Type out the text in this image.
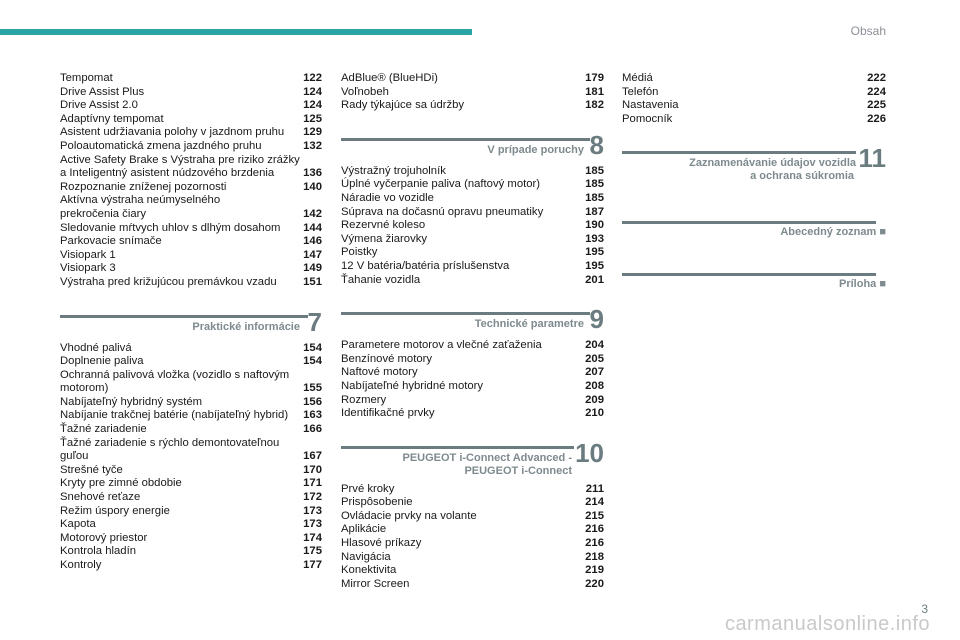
Obsah
Tempomat	122
Drive Assist Plus	124
Drive Assist 2.0	124
Adaptívny tempomat	125
Asistent udržiavania polohy v jazdnom pruhu	129
Poloautomatická zmena jazdného pruhu	132
Active Safety Brake s Výstraha pre riziko zrážky
a Inteligentný asistent núdzového brzdenia	136
Rozpoznanie zníženej pozornosti	140
Aktívna výstraha neúmyselného
prekročenia čiary	142
Sledovanie mŕtvych uhlov s dlhým dosahom	144
Parkovacie snímače	146
Visiopark 1	147
Visiopark 3	149
Výstraha pred križujúcou premávkou vzadu	151
Praktické informácie 7
Vhodné palivá	154
Doplnenie paliva	154
Ochranná palivová vložka (vozidlo s naftovým
motorom)	155
Nabíjateľný hybridný systém	156
Nabíjanie trakčnej batérie (nabíjateľný hybrid)	163
Ťažné zariadenie	166
Ťažné zariadenie s rýchlo demontovateľnou
guľou	167
Strešné tyče	170
Kryty pre zimné obdobie	171
Snehové reťaze	172
Režim úspory energie	173
Kapota	173
Motorový priestor	174
Kontrola hladín	175
Kontroly	177
AdBlue® (BlueHDi)	179
Voľnobeh	181
Rady týkajúce sa údržby	182
V prípade poruchy 8
Výstražný trojuholník	185
Úplné vyčerpanie paliva (naftový motor)	185
Náradie vo vozidle	185
Súprava na dočasnú opravu pneumatiky	187
Rezervné koleso	190
Výmena žiarovky	193
Poistky	195
12 V batéria/batéria príslušenstva	195
Ťahanie vozidla	201
Technické parametre 9
Parametere motorov a vlečné zaťaženia	204
Benzínové motory	205
Naftové motory	207
Nabíjateľné hybridné motory	208
Rozmery	209
Identifikačné prvky	210
PEUGEOT i-Connect Advanced -
PEUGEOT i-Connect
10
Prvé kroky	211
Prispôsobenie	214
Ovládacie prvky na volante	215
Aplikácie	216
Hlasové príkazy	216
Navigácia	218
Konektivita	219
Mirror Screen	220
Médiá	222
Telefón	224
Nastavenia	225
Pomocník	226
Zaznamenávanie údajov vozidla
a ochrana súkromia
11
Abecedný zoznam ■
Príloha ■
3
carmanualsonline.info
